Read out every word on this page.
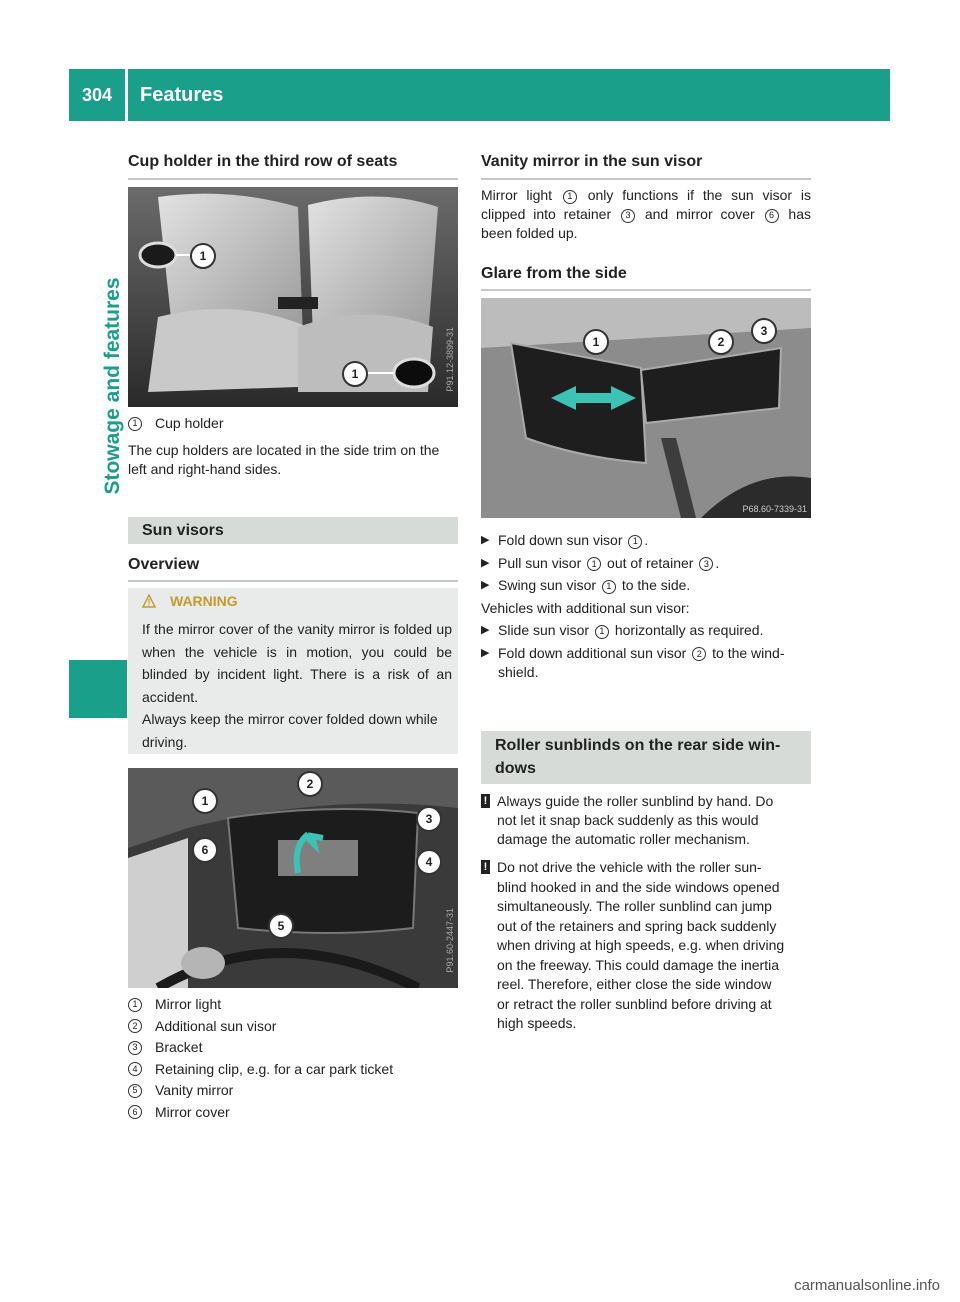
304	Features
Stowage and features
Cup holder in the third row of seats
1
1	P91.12-3899-31
1	Cup holder

The cup holders are located in the side trim on the left and right-hand sides.

Sun visors
Overview
WARNING

If the mirror cover of the vanity mirror is folded up when the vehicle is in motion, you could be blinded by incident light. There is a risk of an accident.

Always keep the mirror cover folded down while driving.

1
2
3
4
5
6
P91.60-2447-31
1	Mirror light
2	Additional sun visor
3	Bracket
4	Retaining clip, e.g. for a car park ticket
5	Vanity mirror
6	Mirror cover
Vanity mirror in the sun visor

Mirror light 1 only functions if the sun visor is clipped into retainer 3 and mirror cover 6 has been folded up.

Glare from the side
1	2
3
P68.60-7339-31
▶ Fold down sun visor 1 .
▶ Pull sun visor 1 out of retainer 3 .
▶ Swing sun visor 1 to the side.
Vehicles with additional sun visor:
▶ Slide sun visor 1 horizontally as required.
▶ Fold down additional sun visor 2 to the wind-
shield.
Roller sunblinds on the rear side win-
dows
! Always guide the roller sunblind by hand. Do
not let it snap back suddenly as this would
damage the automatic roller mechanism.
! Do not drive the vehicle with the roller sun-
blind hooked in and the side windows opened
simultaneously. The roller sunblind can jump
out of the retainers and spring back suddenly
when driving at high speeds, e.g. when driving
on the freeway. This could damage the inertia
reel. Therefore, either close the side window
or retract the roller sunblind before driving at
high speeds.
carmanualsonline.info
